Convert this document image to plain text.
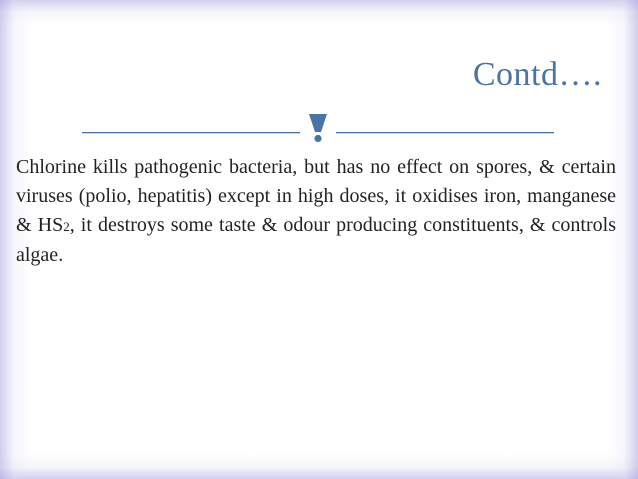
Contd….
Chlorine kills pathogenic bacteria, but has no effect on spores, & certain viruses (polio, hepatitis) except in high doses, it oxidises iron, manganese & HS2, it destroys some taste & odour producing constituents, & controls algae.
